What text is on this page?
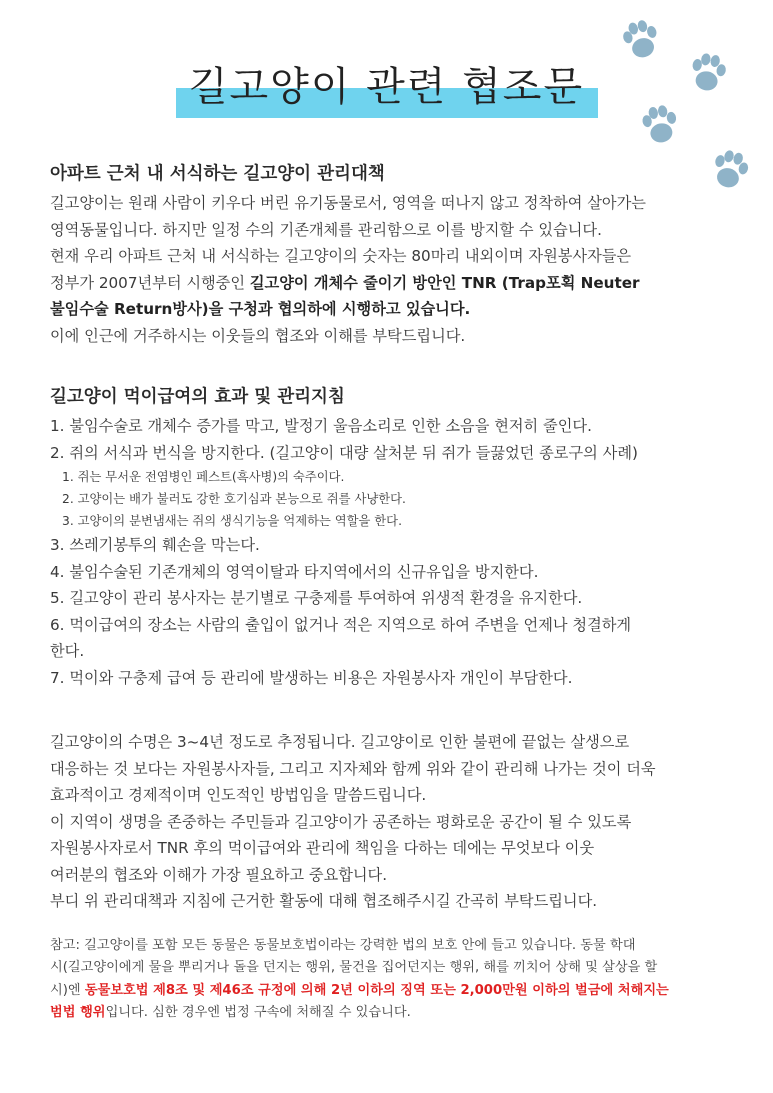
길고양이 관련 협조문
아파트 근처 내 서식하는 길고양이 관리대책

길고양이는 원래 사람이 키우다 버린 유기동물로서, 영역을 떠나지 않고 정착하여 살아가는

영역동물입니다. 하지만 일정 수의 기존개체를 관리함으로 이를 방지할 수 있습니다.

현재 우리 아파트 근처 내 서식하는 길고양이의 숫자는 80마리 내외이며 자원봉사자들은

정부가 2007년부터 시행중인 길고양이 개체수 줄이기 방안인 TNR (Trap포획 Neuter

불임수술 Return방사)을 구청과 협의하에 시행하고 있습니다.

이에 인근에 거주하시는 이웃들의 협조와 이해를 부탁드립니다.

길고양이 먹이급여의 효과 및 관리지침

1. 불임수술로 개체수 증가를 막고, 발정기 울음소리로 인한 소음을 현저히 줄인다.

2. 쥐의 서식과 번식을 방지한다. (길고양이 대량 살처분 뒤 쥐가 들끓었던 종로구의 사례)

1. 쥐는 무서운 전염병인 페스트(흑사병)의 숙주이다.

2. 고양이는 배가 불러도 강한 호기심과 본능으로 쥐를 사냥한다.

3. 고양이의 분변냄새는 쥐의 생식기능을 억제하는 역할을 한다.

3. 쓰레기봉투의 훼손을 막는다.

4. 불임수술된 기존개체의 영역이탈과 타지역에서의 신규유입을 방지한다.

5. 길고양이 관리 봉사자는 분기별로 구충제를 투여하여 위생적 환경을 유지한다.

6. 먹이급여의 장소는 사람의 출입이 없거나 적은 지역으로 하여 주변을 언제나 청결하게

한다.

7. 먹이와 구충제 급여 등 관리에 발생하는 비용은 자원봉사자 개인이 부담한다.

길고양이의 수명은 3~4년 정도로 추정됩니다. 길고양이로 인한 불편에 끝없는 살생으로

대응하는 것 보다는 자원봉사자들, 그리고 지자체와 함께 위와 같이 관리해 나가는 것이 더욱

효과적이고 경제적이며 인도적인 방법임을 말씀드립니다.

이 지역이 생명을 존중하는 주민들과 길고양이가 공존하는 평화로운 공간이 될 수 있도록

자원봉사자로서 TNR 후의 먹이급여와 관리에 책임을 다하는 데에는 무엇보다 이웃

여러분의 협조와 이해가 가장 필요하고 중요합니다.

부디 위 관리대책과 지침에 근거한 활동에 대해 협조해주시길 간곡히 부탁드립니다.

참고: 길고양이를 포함 모든 동물은 동물보호법이라는 강력한 법의 보호 안에 들고 있습니다. 동물 학대

시(길고양이에게 물을 뿌리거나 돌을 던지는 행위, 물건을 집어던지는 행위, 해를 끼치어 상해 및 살상을 할

시)엔 동물보호법 제8조 및 제46조 규정에 의해 2년 이하의 징역 또는 2,000만원 이하의 벌금에 처해지는

범법 행위입니다. 심한 경우엔 법정 구속에 처해질 수 있습니다.
